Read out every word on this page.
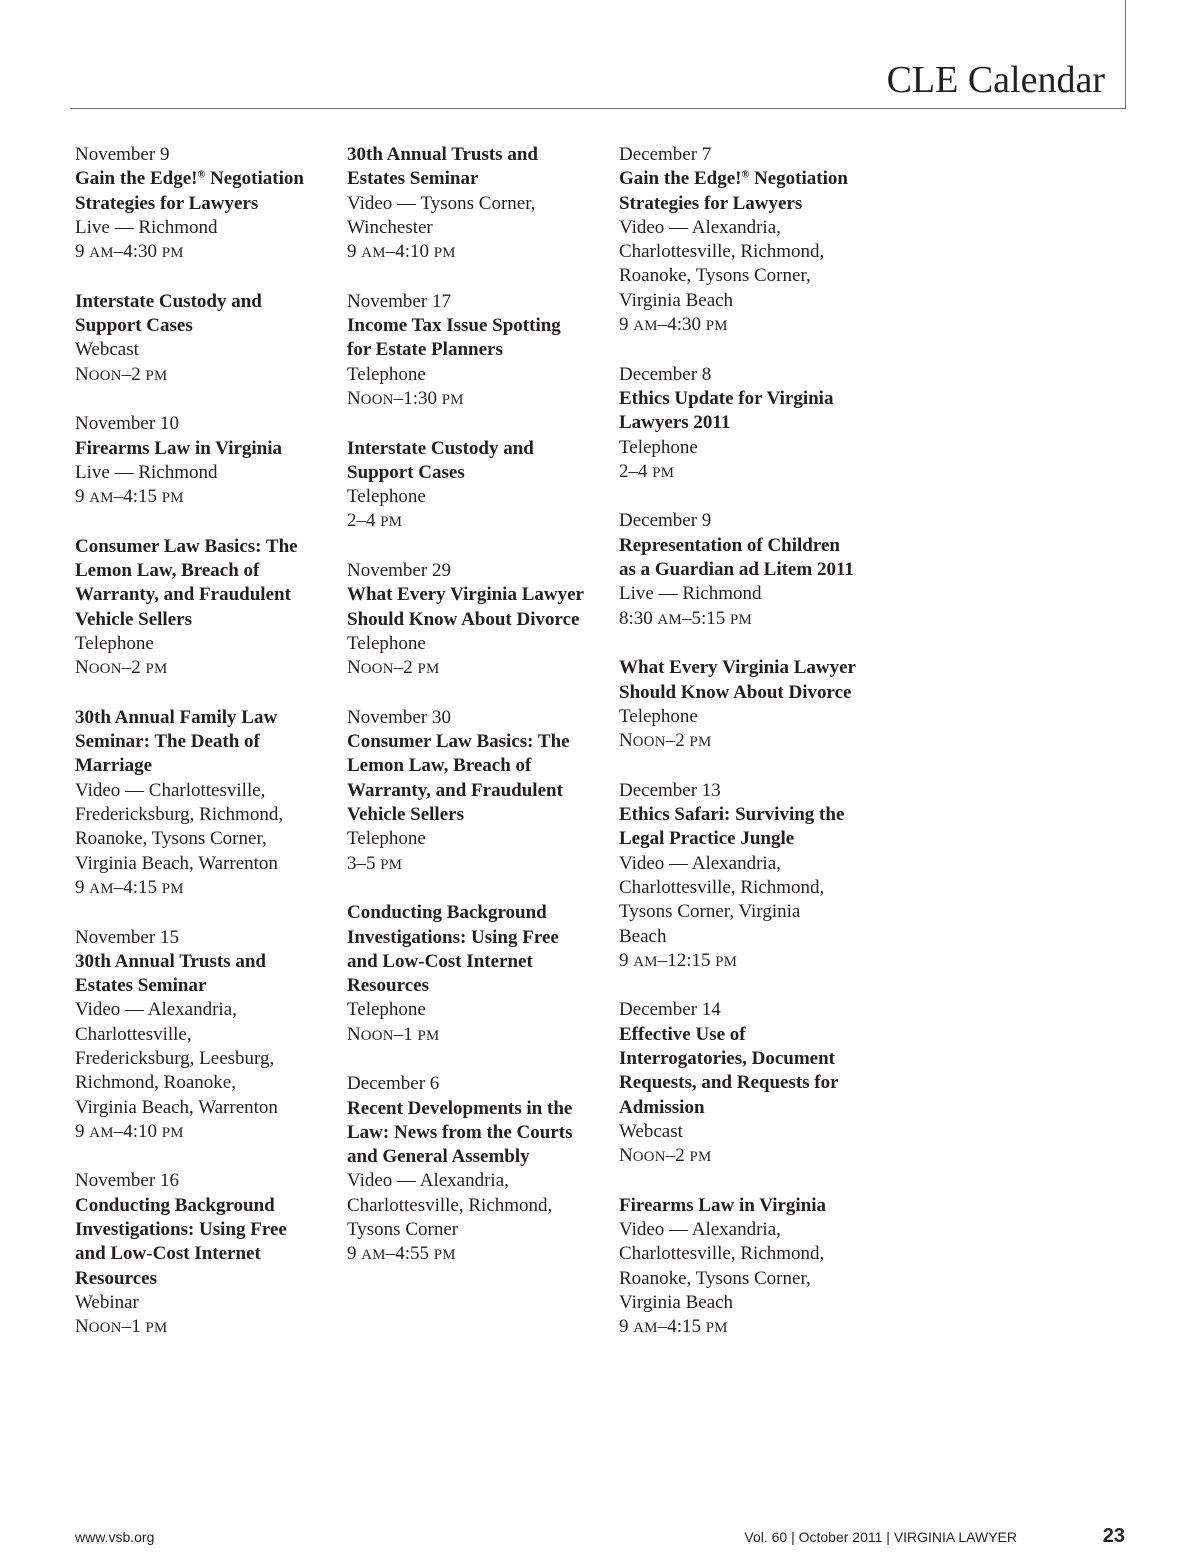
CLE Calendar
November 9
Gain the Edge!® Negotiation
Strategies for Lawyers
Live — Richmond
9 AM–4:30 PM
Interstate Custody and
Support Cases
Webcast
NOON–2 PM
November 10
Firearms Law in Virginia
Live — Richmond
9 AM–4:15 PM
Consumer Law Basics: The
Lemon Law, Breach of
Warranty, and Fraudulent
Vehicle Sellers
Telephone
NOON–2 PM
30th Annual Family Law
Seminar: The Death of
Marriage
Video — Charlottesville,
Fredericksburg, Richmond,
Roanoke, Tysons Corner,
Virginia Beach, Warrenton
9 AM–4:15 PM
November 15
30th Annual Trusts and
Estates Seminar
Video — Alexandria,
Charlottesville,
Fredericksburg, Leesburg,
Richmond, Roanoke,
Virginia Beach, Warrenton
9 AM–4:10 PM
November 16
Conducting Background
Investigations: Using Free
and Low-Cost Internet
Resources
Webinar
NOON–1 PM
30th Annual Trusts and
Estates Seminar
Video — Tysons Corner,
Winchester
9 AM–4:10 PM
November 17
Income Tax Issue Spotting
for Estate Planners
Telephone
NOON–1:30 PM
Interstate Custody and
Support Cases
Telephone
2–4 PM
November 29
What Every Virginia Lawyer
Should Know About Divorce
Telephone
NOON–2 PM
November 30
Consumer Law Basics: The
Lemon Law, Breach of
Warranty, and Fraudulent
Vehicle Sellers
Telephone
3–5 PM
Conducting Background
Investigations: Using Free
and Low-Cost Internet
Resources
Telephone
NOON–1 PM
December 6
Recent Developments in the
Law: News from the Courts
and General Assembly
Video — Alexandria,
Charlottesville, Richmond,
Tysons Corner
9 AM–4:55 PM
December 7
Gain the Edge!® Negotiation
Strategies for Lawyers
Video — Alexandria,
Charlottesville, Richmond,
Roanoke, Tysons Corner,
Virginia Beach
9 AM–4:30 PM
December 8
Ethics Update for Virginia
Lawyers 2011
Telephone
2–4 PM
December 9
Representation of Children
as a Guardian ad Litem 2011
Live — Richmond
8:30 AM–5:15 PM
What Every Virginia Lawyer
Should Know About Divorce
Telephone
NOON–2 PM
December 13
Ethics Safari: Surviving the
Legal Practice Jungle
Video — Alexandria,
Charlottesville, Richmond,
Tysons Corner, Virginia
Beach
9 AM–12:15 PM
December 14
Effective Use of
Interrogatories, Document
Requests, and Requests for
Admission
Webcast
NOON–2 PM
Firearms Law in Virginia
Video — Alexandria,
Charlottesville, Richmond,
Roanoke, Tysons Corner,
Virginia Beach
9 AM–4:15 PM
www.vsb.org	Vol. 60 | October 2011 | VIRGINIA LAWYER	23
